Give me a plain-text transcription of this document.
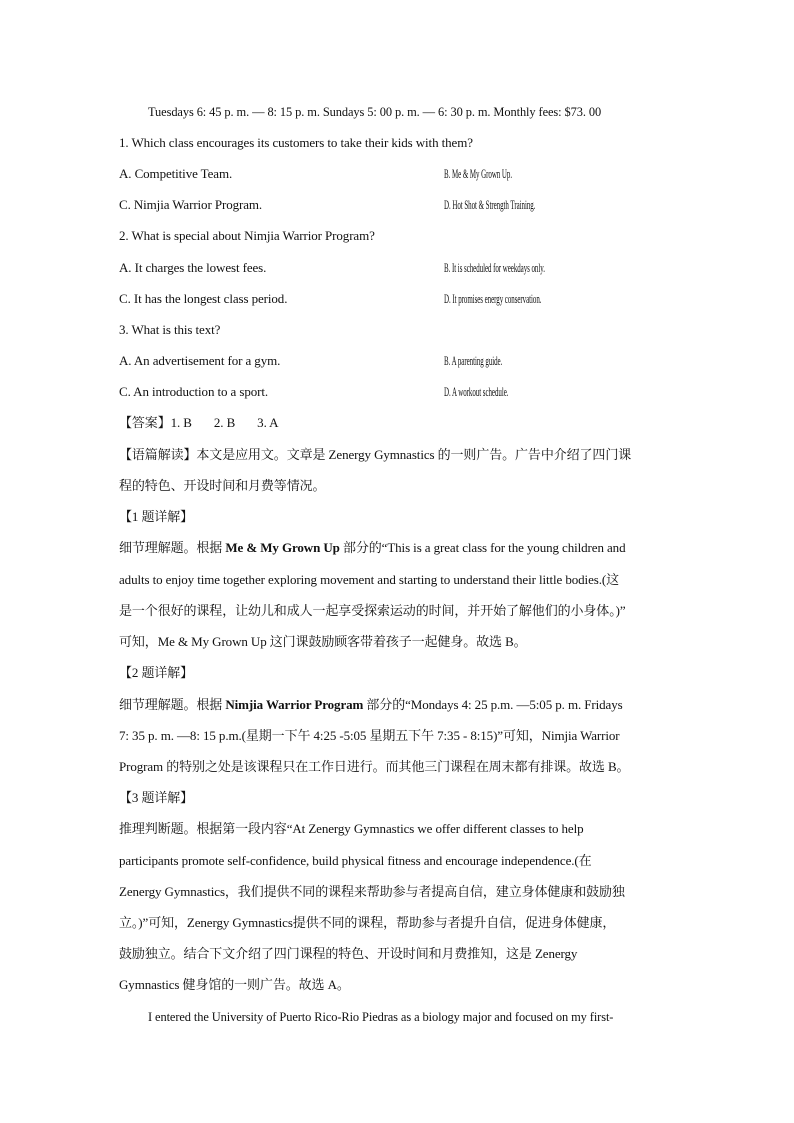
Tuesdays 6: 45 p. m. — 8: 15 p. m. Sundays 5: 00 p. m. — 6: 30 p. m. Monthly fees: $73. 00
1. Which class encourages its customers to take their kids with them?
A. Competitive Team.	B. Me & My Grown Up.
C. Nimjia Warrior Program.	D. Hot Shot & Strength Training.
2. What is special about Nimjia Warrior Program?
A. It charges the lowest fees.	B. It is scheduled for weekdays only.
C. It has the longest class period.	D. It promises energy conservation.
3. What is this text?
A. An advertisement for a gym.	B. A parenting guide.
C. An introduction to a sport.	D. A workout schedule.
【答案】1. B 2. B 3. A
【语篇解读】本文是应用文。文章是 Zenergy Gymnastics 的一则广告。广告中介绍了四门课
程的特色、开设时间和月费等情况。
【1 题详解】
细节理解题。根据 Me & My Grown Up 部分的“This is a great class for the young children and
adults to enjoy time together exploring movement and starting to understand their little bodies.(这
是一个很好的课程，让幼儿和成人一起享受探索运动的时间，并开始了解他们的小身体。)”
可知，Me & My Grown Up 这门课鼓励顾客带着孩子一起健身。故选 B。
【2 题详解】
细节理解题。根据 Nimjia Warrior Program 部分的“Mondays 4: 25 p.m. —5:05 p. m. Fridays
7: 35 p. m. —8: 15 p.m.(星期一下午 4:25 -5:05 星期五下午 7:35 - 8:15)”可知，Nimjia Warrior
Program 的特别之处是该课程只在工作日进行。而其他三门课程在周末都有排课。故选 B。
【3 题详解】
推理判断题。根据第一段内容“At Zenergy Gymnastics we offer different classes to help
participants promote self-confidence, build physical fitness and encourage independence.(在
Zenergy Gymnastics，我们提供不同的课程来帮助参与者提高自信，建立身体健康和鼓励独
立。)”可知，Zenergy Gymnastics提供不同的课程，帮助参与者提升自信，促进身体健康，
鼓励独立。结合下文介绍了四门课程的特色、开设时间和月费推知，这是 Zenergy
Gymnastics 健身馆的一则广告。故选 A。
I entered the University of Puerto Rico-Rio Piedras as a biology major and focused on my first-
